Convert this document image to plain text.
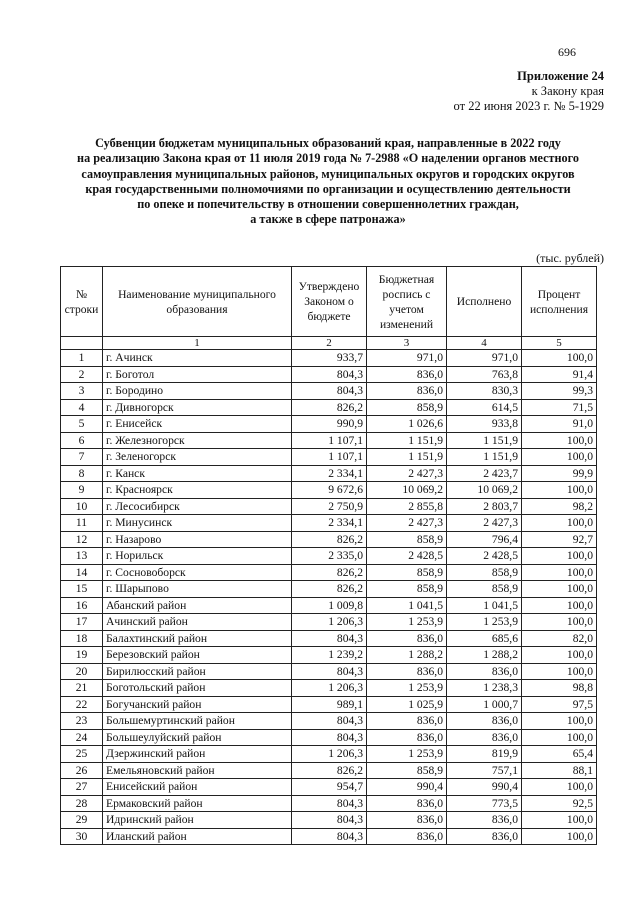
696
Приложение 24
к Закону края
от 22 июня 2023 г. № 5-1929
Субвенции бюджетам муниципальных образований края, направленные в 2022 году
на реализацию Закона края от 11 июля 2019 года № 7-2988 «О наделении органов местного
самоуправления муниципальных районов, муниципальных округов и городских округов
края государственными полномочиями по организации и осуществлению деятельности
по опеке и попечительству в отношении совершеннолетних граждан,
а также в сфере патронажа»
(тыс. рублей)
№ строки	Наименование муниципального образования	Утверждено Законом о бюджете	Бюджетная роспись с учетом изменений	Исполнено	Процент исполнения
	1	2	3	4	5
1	г. Ачинск	933,7	971,0	971,0	100,0
2	г. Боготол	804,3	836,0	763,8	91,4
3	г. Бородино	804,3	836,0	830,3	99,3
4	г. Дивногорск	826,2	858,9	614,5	71,5
5	г. Енисейск	990,9	1 026,6	933,8	91,0
6	г. Железногорск	1 107,1	1 151,9	1 151,9	100,0
7	г. Зеленогорск	1 107,1	1 151,9	1 151,9	100,0
8	г. Канск	2 334,1	2 427,3	2 423,7	99,9
9	г. Красноярск	9 672,6	10 069,2	10 069,2	100,0
10	г. Лесосибирск	2 750,9	2 855,8	2 803,7	98,2
11	г. Минусинск	2 334,1	2 427,3	2 427,3	100,0
12	г. Назарово	826,2	858,9	796,4	92,7
13	г. Норильск	2 335,0	2 428,5	2 428,5	100,0
14	г. Сосновоборск	826,2	858,9	858,9	100,0
15	г. Шарыпово	826,2	858,9	858,9	100,0
16	Абанский район	1 009,8	1 041,5	1 041,5	100,0
17	Ачинский район	1 206,3	1 253,9	1 253,9	100,0
18	Балахтинский район	804,3	836,0	685,6	82,0
19	Березовский район	1 239,2	1 288,2	1 288,2	100,0
20	Бирилюсский район	804,3	836,0	836,0	100,0
21	Боготольский район	1 206,3	1 253,9	1 238,3	98,8
22	Богучанский район	989,1	1 025,9	1 000,7	97,5
23	Большемуртинский район	804,3	836,0	836,0	100,0
24	Большеулуйский район	804,3	836,0	836,0	100,0
25	Дзержинский район	1 206,3	1 253,9	819,9	65,4
26	Емельяновский район	826,2	858,9	757,1	88,1
27	Енисейский район	954,7	990,4	990,4	100,0
28	Ермаковский район	804,3	836,0	773,5	92,5
29	Идринский район	804,3	836,0	836,0	100,0
30	Иланский район	804,3	836,0	836,0	100,0
